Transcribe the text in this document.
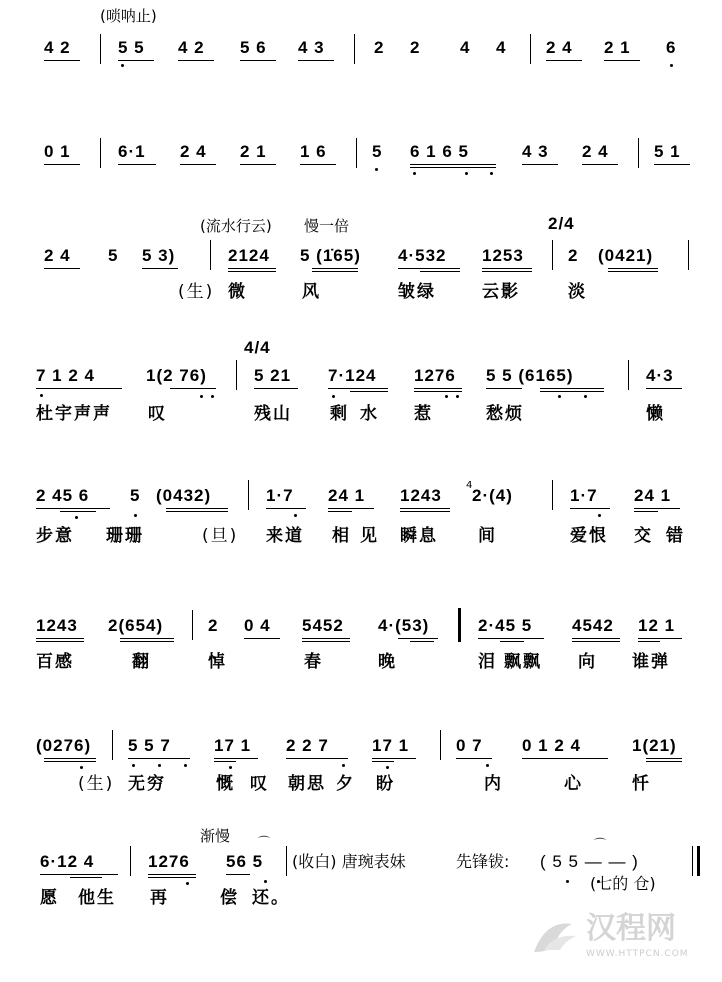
(唢呐止)
4 2	5 5 4 2 5 6 4 3	2 2 4 4 2 4 2 1 6
0 1	6·1 2 4 2 1 1 6	5 6 1 6 5	4 3 2 4	5 1
(流水行云) 慢一倍	2/4
2 4 5 5 3)	2124 5 (1̇65) 4·532 1253	2 (0421)
(生) 微	风	皱绿	云影	淡
4/4
7 1 2 4	1(2 76)	5 21 7·124 1276 5 5 (6165)	4·3
杜宇声声 叹	残山 剩 水 惹	愁烦	懒
2 45 6 5 (0432)	1·7 24 1 1243
4
2·(4)	1·7 24 1
步意 珊珊	(旦) 来道 相 见 瞬息 间	爱恨 交 错
1243 2(654)	2 0 4 5452 4·(53)	2·45 5 4542 12 1
百感	翻	悼	春	晚	泪 飘飘 向 谁弹
(0276) 5 5 7	17 1 2 2 7	17 1	0 7 0 1 2 4	1(21)
(生) 无穷	慨 叹 朝思 夕 盼	内	心	忏
渐慢 ⌒
6·12 4	1276 56 5 (收白) 唐琬表妹	先锋钹:
⌒
( 5 5 — — )
(七的 仓)
愿 他生 再	偿 还。
汉程网
WWW.HTTPCN.COM
